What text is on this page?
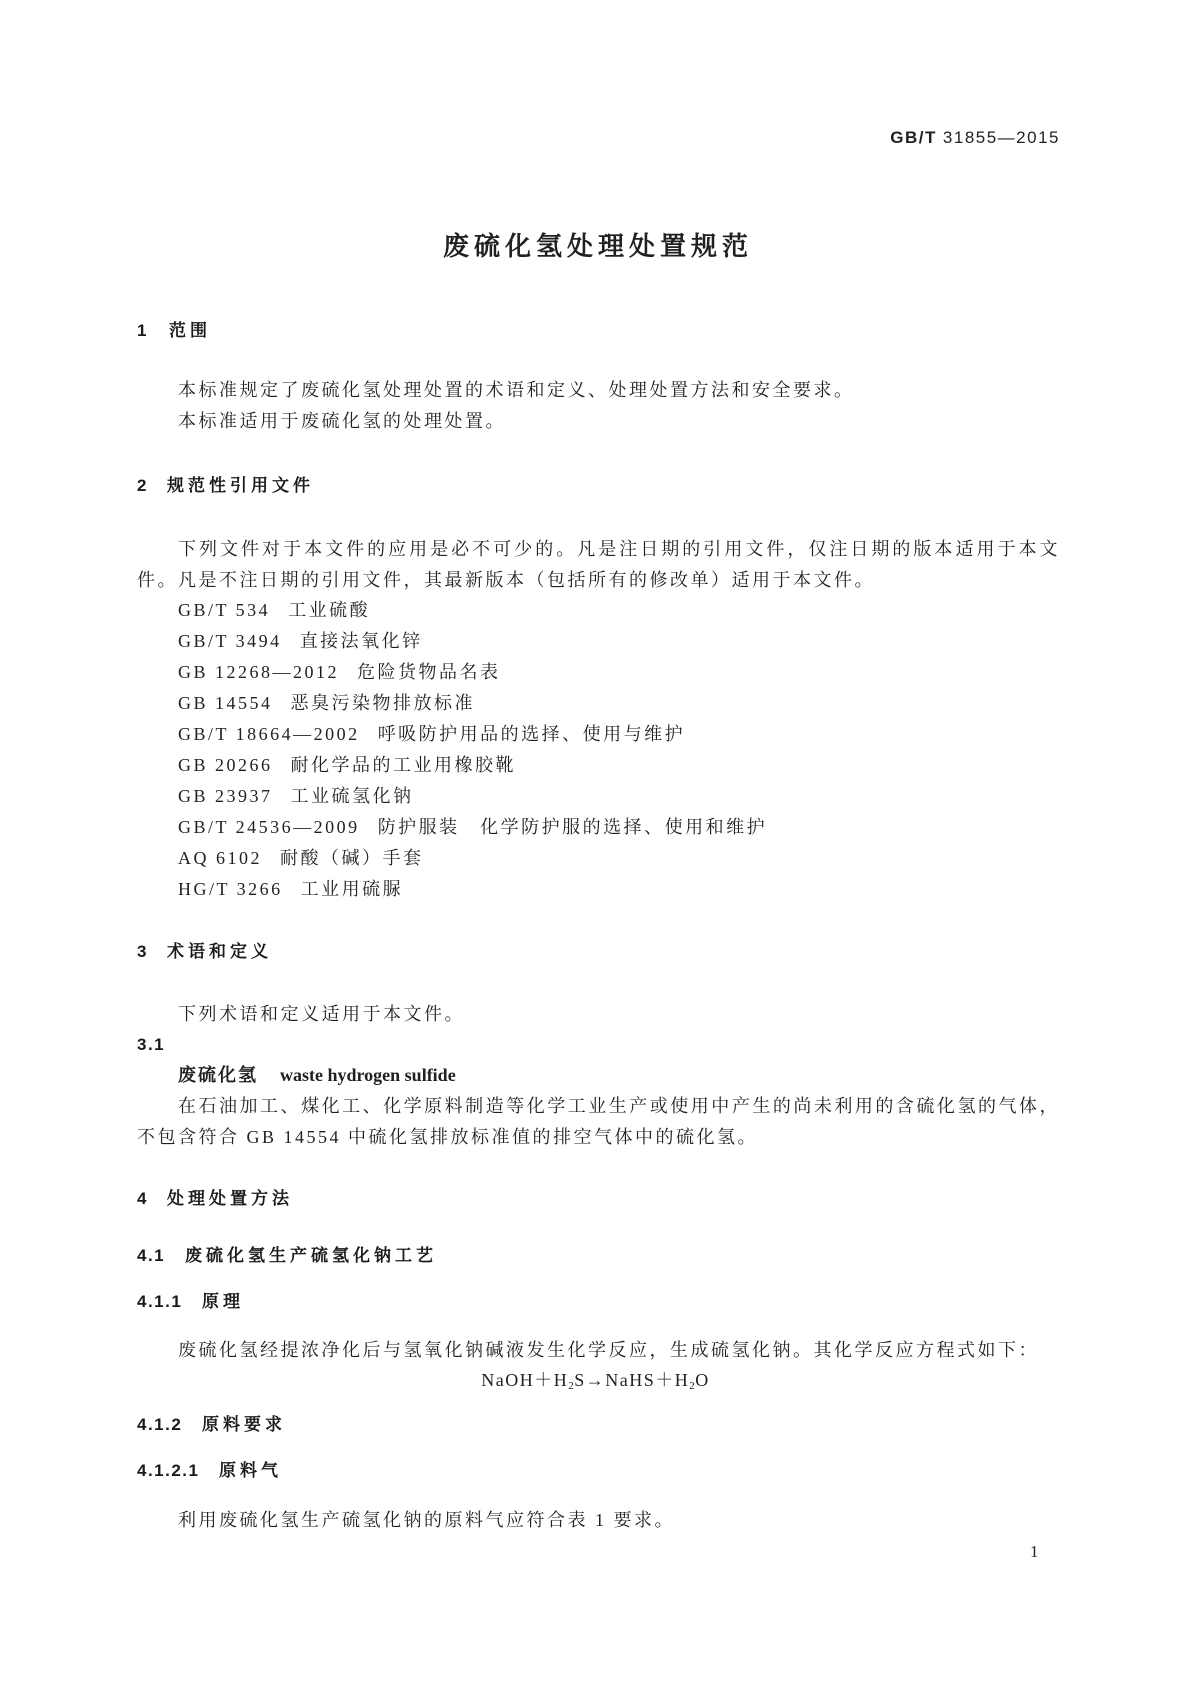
GB/T 31855—2015
废硫化氢处理处置规范
1 范围
本标准规定了废硫化氢处理处置的术语和定义、处理处置方法和安全要求。
本标准适用于废硫化氢的处理处置。
2 规范性引用文件
下列文件对于本文件的应用是必不可少的。凡是注日期的引用文件，仅注日期的版本适用于本文
件。凡是不注日期的引用文件，其最新版本（包括所有的修改单）适用于本文件。
GB/T 534 工业硫酸
GB/T 3494 直接法氧化锌
GB 12268—2012 危险货物品名表
GB 14554 恶臭污染物排放标准
GB/T 18664—2002 呼吸防护用品的选择、使用与维护
GB 20266 耐化学品的工业用橡胶靴
GB 23937 工业硫氢化钠
GB/T 24536—2009 防护服装　化学防护服的选择、使用和维护
AQ 6102 耐酸（碱）手套
HG/T 3266 工业用硫脲
3 术语和定义
下列术语和定义适用于本文件。
3.1
废硫化氢 waste hydrogen sulfide
在石油加工、煤化工、化学原料制造等化学工业生产或使用中产生的尚未利用的含硫化氢的气体，
不包含符合 GB 14554 中硫化氢排放标准值的排空气体中的硫化氢。
4 处理处置方法
4.1 废硫化氢生产硫氢化钠工艺
4.1.1 原理
废硫化氢经提浓净化后与氢氧化钠碱液发生化学反应，生成硫氢化钠。其化学反应方程式如下：
$NaOH+H_2S\to NaHS+H_2O$
4.1.2 原料要求
4.1.2.1 原料气
利用废硫化氢生产硫氢化钠的原料气应符合表 1 要求。
1
